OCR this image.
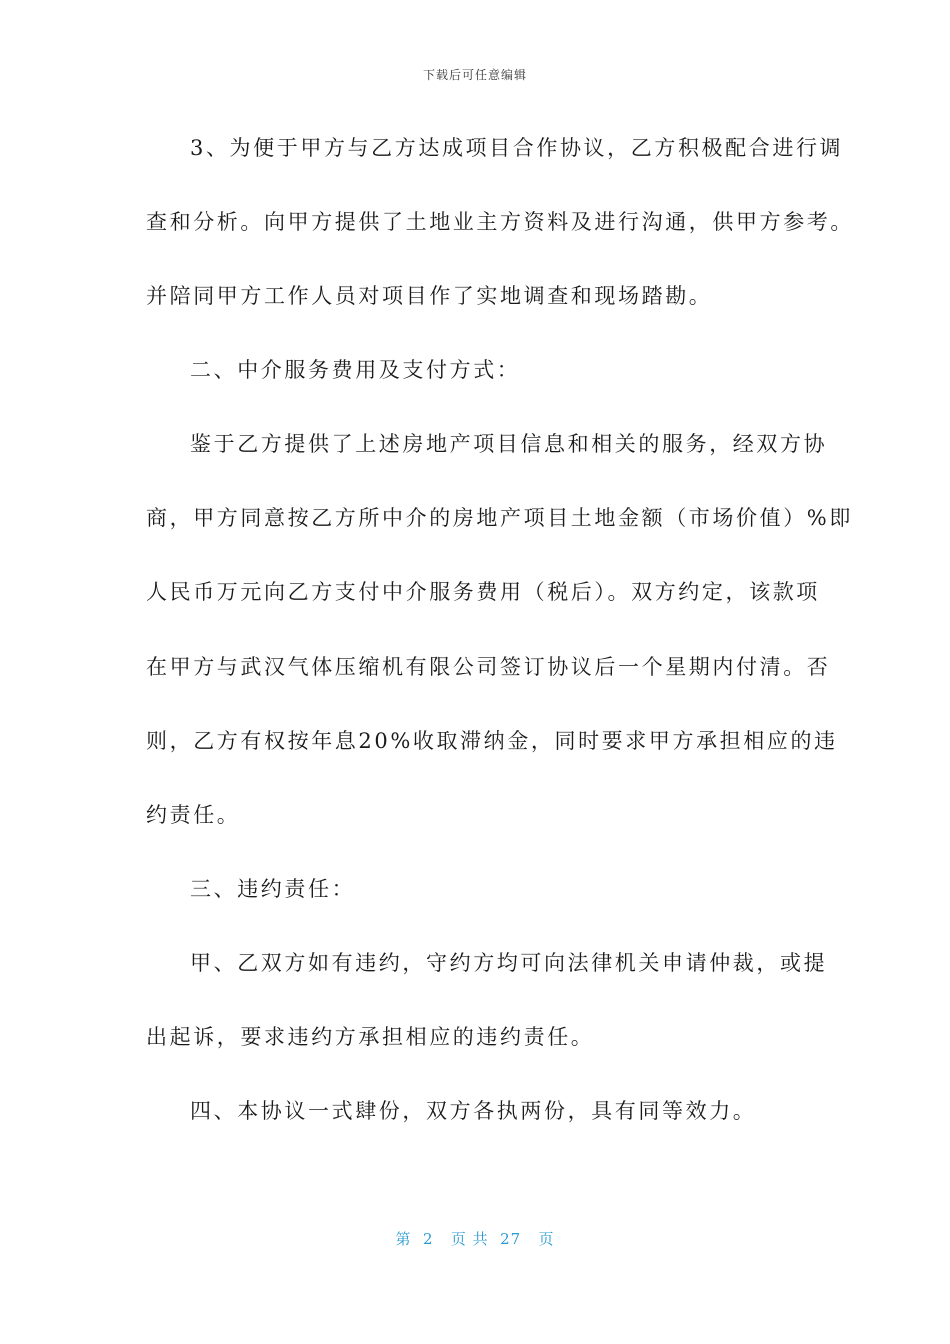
下载后可任意编辑
3、为便于甲方与乙方达成项目合作协议，乙方积极配合进行调
查和分析。向甲方提供了土地业主方资料及进行沟通，供甲方参考。
并陪同甲方工作人员对项目作了实地调查和现场踏勘。
二、中介服务费用及支付方式：
鉴于乙方提供了上述房地产项目信息和相关的服务，经双方协
商，甲方同意按乙方所中介的房地产项目土地金额（市场价值）%即
人民币万元向乙方支付中介服务费用（税后）。双方约定，该款项
在甲方与武汉气体压缩机有限公司签订协议后一个星期内付清。否
则，乙方有权按年息20%收取滞纳金，同时要求甲方承担相应的违
约责任。
三、违约责任：
甲、乙双方如有违约，守约方均可向法律机关申请仲裁，或提
出起诉，要求违约方承担相应的违约责任。
四、本协议一式肆份，双方各执两份，具有同等效力。
第  2   页 共  27   页
